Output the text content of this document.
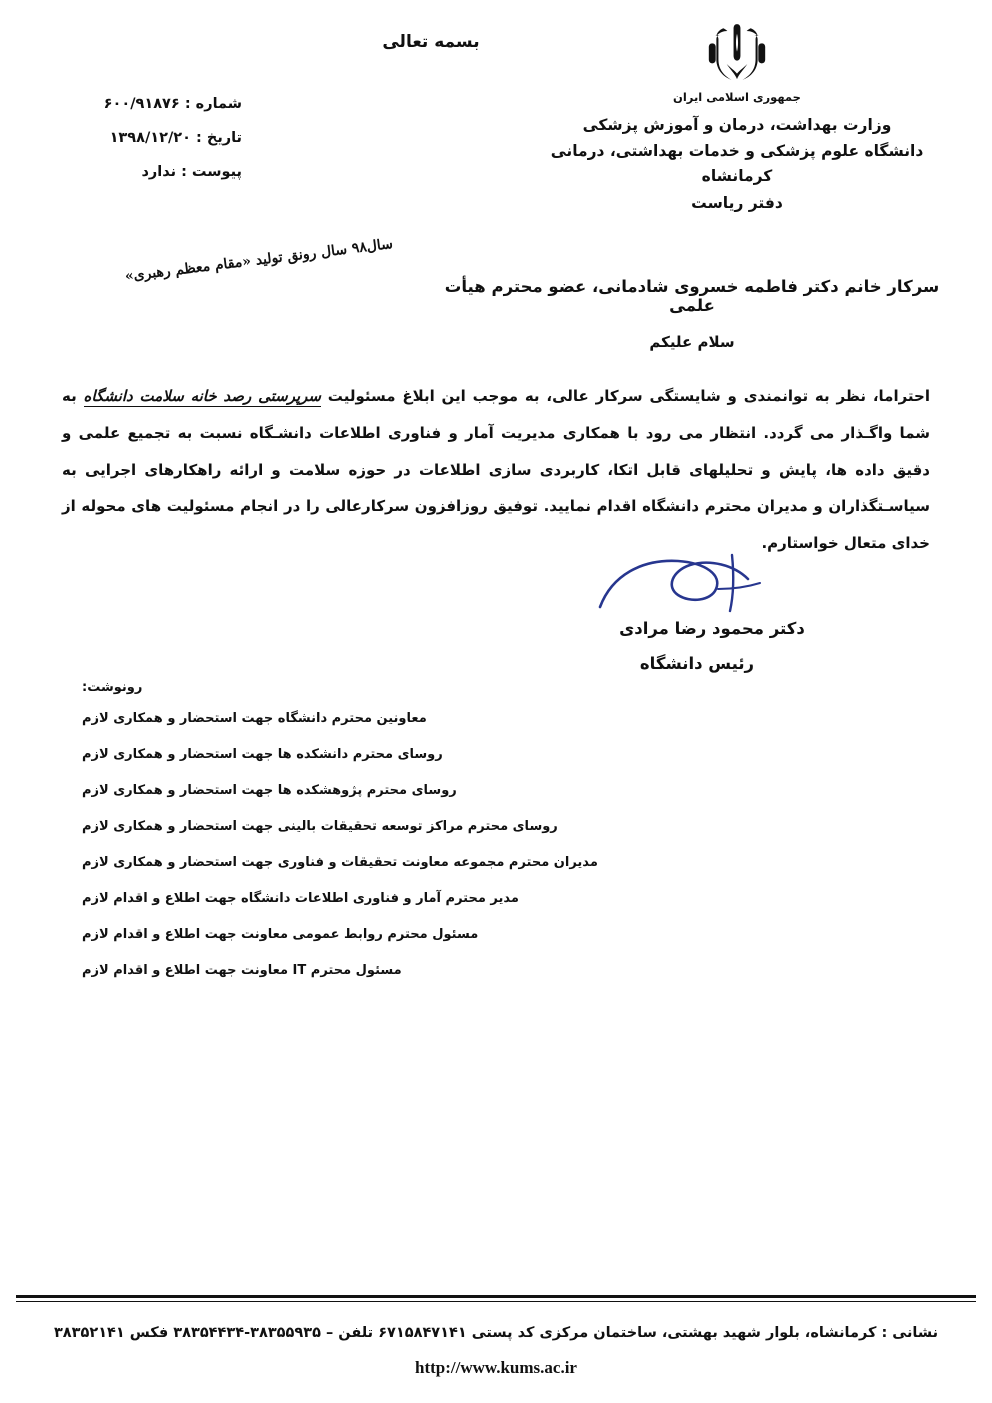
بسمه تعالی
جمهوری اسلامی ایران
وزارت بهداشت، درمان و آموزش پزشکی
دانشگاه علوم پزشکی و خدمات بهداشتی، درمانی کرمانشاه
دفتر ریاست
شماره : ۶۰۰/۹۱۸۷۶
تاریخ : ۱۳۹۸/۱۲/۲۰
پیوست : ندارد
سال۹۸ سال رونق تولید «مقام معظم رهبری»
سرکار خانم دکتر فاطمه خسروی شادمانی، عضو محترم هیأت علمی
سلام علیکم

احتراما، نظر به توانمندی و شایستگی سرکار عالی، به موجب این ابلاغ مسئولیت سرپرستی رصد خانه سلامت دانشگاه به شما واگـذار می گردد. انتظار می رود با همکاری مدیریت آمار و فناوری اطلاعات دانشـگاه نسبت به تجمیع علمی و دقیق داده ها، پایش و تحلیلهای قابل اتکا، کاربردی سازی اطلاعات در حوزه سلامت و ارائه راهکارهای اجرایی به سیاسـتگذاران و مدیران محترم دانشگاه اقدام نمایید. توفیق روزافزون سرکارعالی را در انجام مسئولیت های محوله از خدای متعال خواستارم.

دکتر محمود رضا مرادی
رئیس دانشگاه
رونوشت:
معاونین محترم دانشگاه جهت استحضار و همکاری لازم
روسای محترم دانشکده ها جهت استحضار و همکاری لازم
روسای محترم پژوهشکده ها جهت استحضار و همکاری لازم
روسای محترم مراکز توسعه تحقیقات بالینی جهت استحضار و همکاری لازم
مدیران محترم مجموعه معاونت تحقیقات و فناوری جهت استحضار و همکاری لازم
مدیر محترم آمار و فناوری اطلاعات دانشگاه جهت اطلاع و اقدام لازم
مسئول محترم روابط عمومی معاونت جهت اطلاع و اقدام لازم
مسئول محترم IT معاونت جهت اطلاع و اقدام لازم
نشانی : کرمانشاه، بلوار شهید بهشتی، ساختمان مرکزی کد پستی ۶۷۱۵۸۴۷۱۴۱ تلفن – ۳۸۳۵۵۹۳۵-۳۸۳۵۴۴۳۴ فکس ۳۸۳۵۲۱۴۱
http://www.kums.ac.ir
